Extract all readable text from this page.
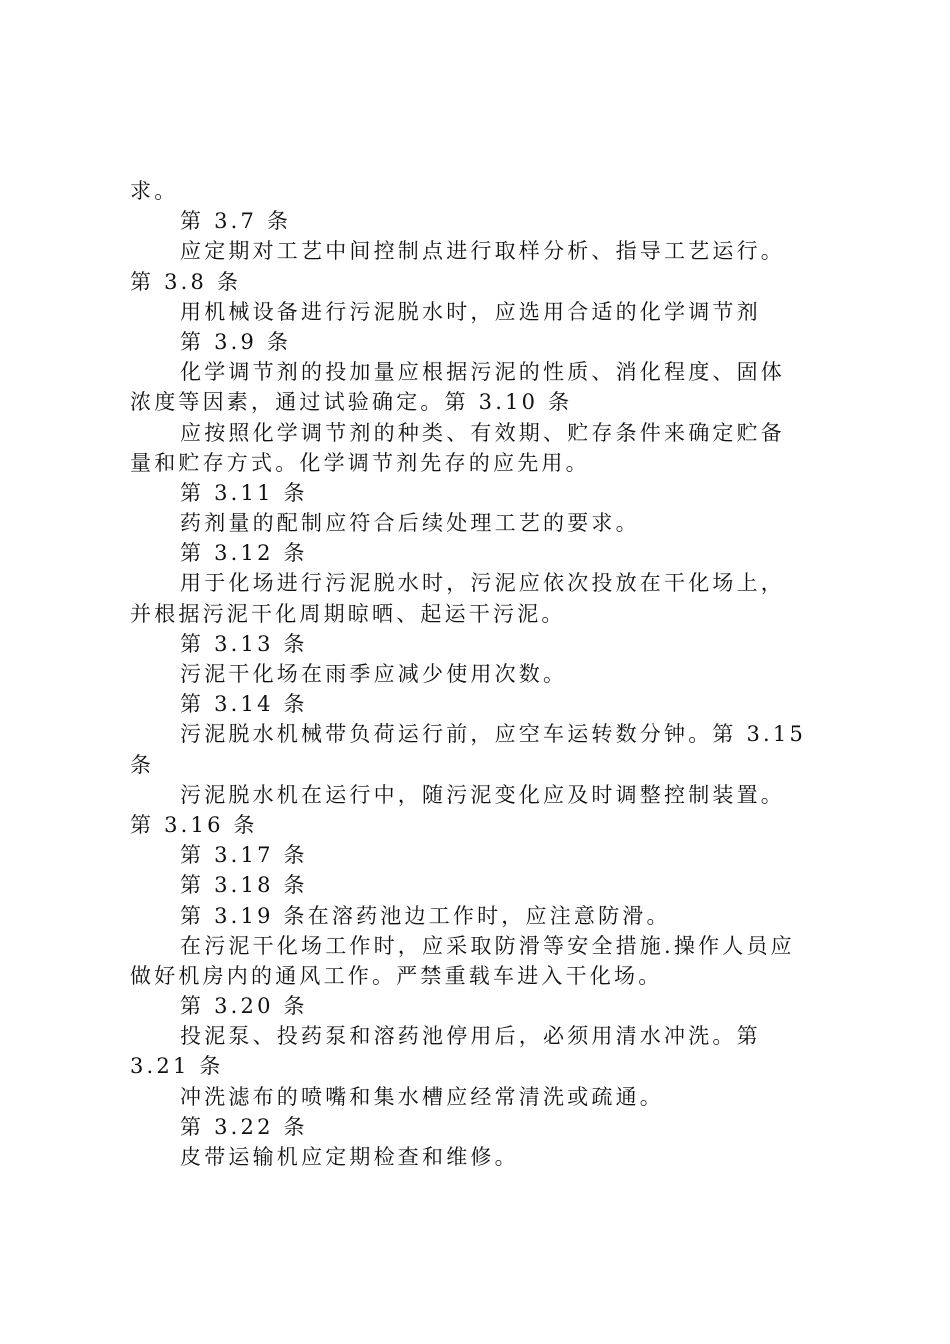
求。
第 3.7 条
应定期对工艺中间控制点进行取样分析、指导工艺运行。
第 3.8 条
用机械设备进行污泥脱水时，应选用合适的化学调节剂
第 3.9 条
化学调节剂的投加量应根据污泥的性质、消化程度、固体
浓度等因素，通过试验确定。第 3.10 条
应按照化学调节剂的种类、有效期、贮存条件来确定贮备
量和贮存方式。化学调节剂先存的应先用。
第 3.11 条
药剂量的配制应符合后续处理工艺的要求。
第 3.12 条
用于化场进行污泥脱水时，污泥应依次投放在干化场上，
并根据污泥干化周期晾晒、起运干污泥。
第 3.13 条
污泥干化场在雨季应减少使用次数。
第 3.14 条
污泥脱水机械带负荷运行前，应空车运转数分钟。第 3.15
条
污泥脱水机在运行中，随污泥变化应及时调整控制装置。
第 3.16 条
第 3.17 条
第 3.18 条
第 3.19 条在溶药池边工作时，应注意防滑。
在污泥干化场工作时，应采取防滑等安全措施.操作人员应
做好机房内的通风工作。严禁重载车进入干化场。
第 3.20 条
投泥泵、投药泵和溶药池停用后，必须用清水冲洗。第
3.21 条
冲洗滤布的喷嘴和集水槽应经常清洗或疏通。
第 3.22 条
皮带运输机应定期检查和维修。
